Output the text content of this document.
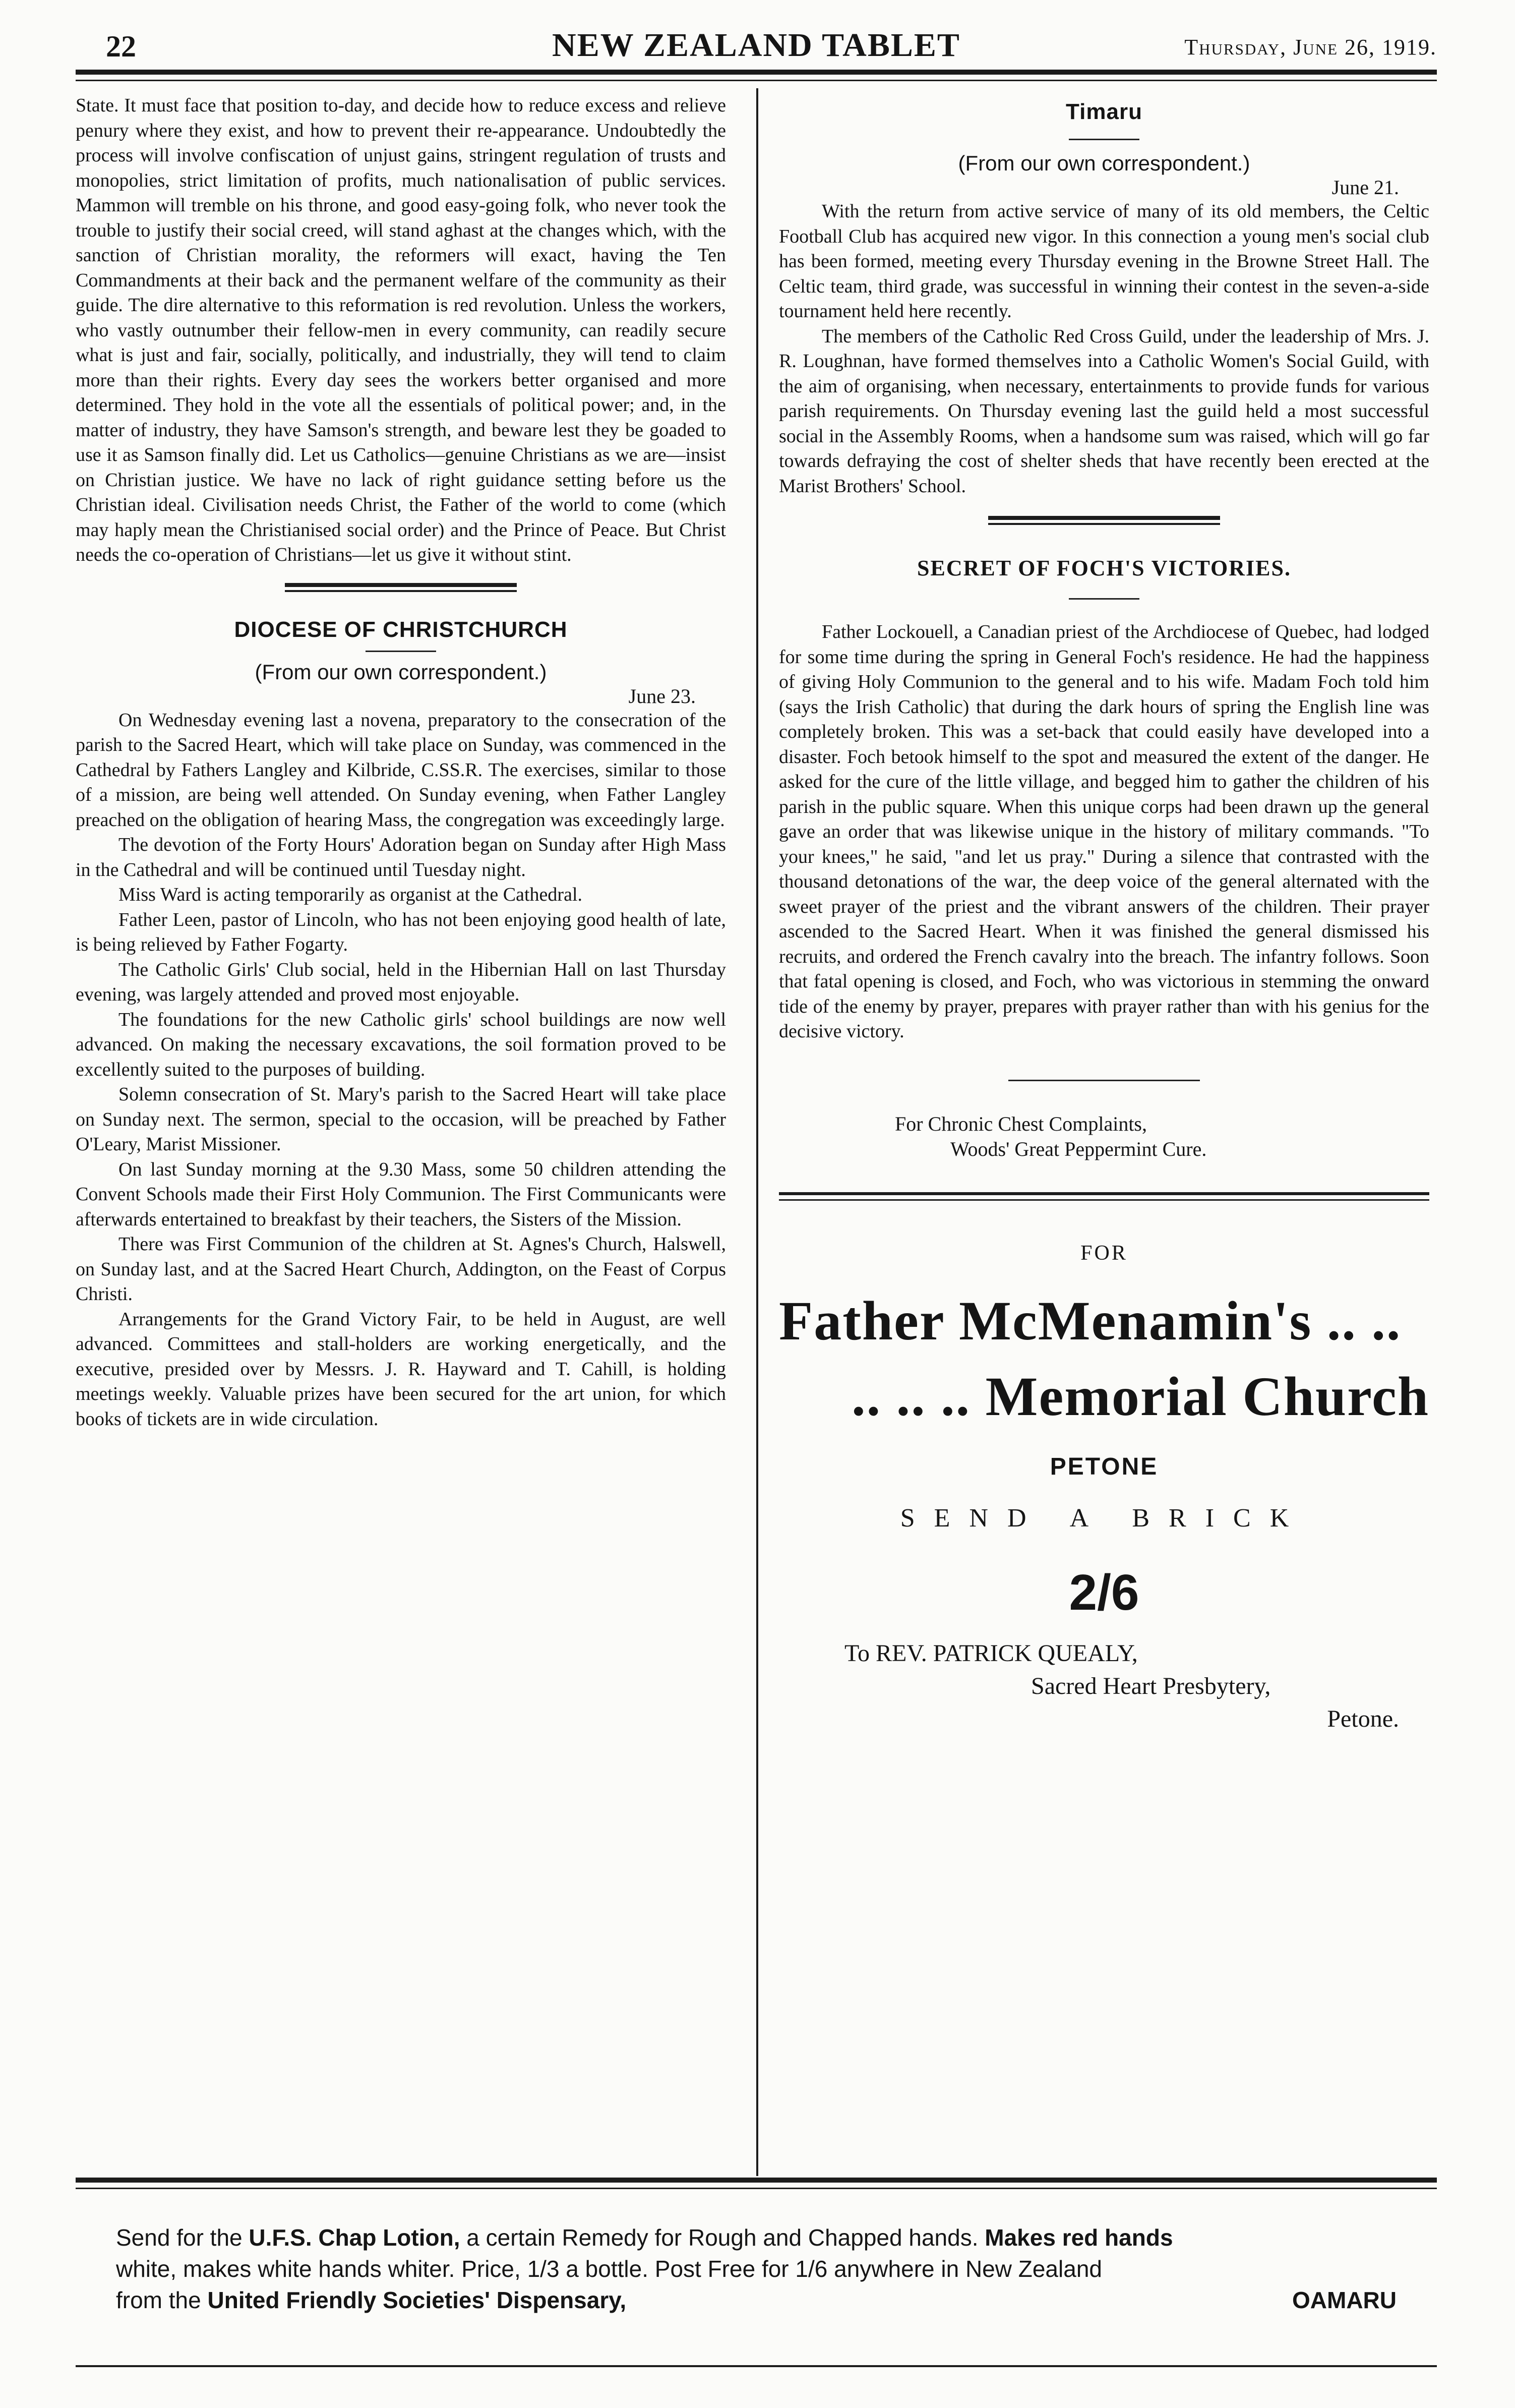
22	NEW ZEALAND TABLET	Thursday, June 26, 1919.

State. It must face that position to-day, and decide how to reduce excess and relieve penury where they exist, and how to prevent their re-appearance. Undoubtedly the process will involve confiscation of unjust gains, stringent regulation of trusts and monopolies, strict limitation of profits, much nationalisation of public services. Mammon will tremble on his throne, and good easy-going folk, who never took the trouble to justify their social creed, will stand aghast at the changes which, with the sanction of Christian morality, the reformers will exact, having the Ten Commandments at their back and the permanent welfare of the community as their guide. The dire alternative to this reformation is red revolution. Unless the workers, who vastly outnumber their fellow-men in every community, can readily secure what is just and fair, socially, politically, and industrially, they will tend to claim more than their rights. Every day sees the workers better organised and more determined. They hold in the vote all the essentials of political power; and, in the matter of industry, they have Samson's strength, and beware lest they be goaded to use it as Samson finally did. Let us Catholics—genuine Christians as we are—insist on Christian justice. We have no lack of right guidance setting before us the Christian ideal. Civilisation needs Christ, the Father of the world to come (which may haply mean the Christianised social order) and the Prince of Peace. But Christ needs the co-operation of Christians—let us give it without stint.

DIOCESE OF CHRISTCHURCH

(From our own correspondent.)

June 23.

On Wednesday evening last a novena, preparatory to the consecration of the parish to the Sacred Heart, which will take place on Sunday, was commenced in the Cathedral by Fathers Langley and Kilbride, C.SS.R. The exercises, similar to those of a mission, are being well attended. On Sunday evening, when Father Langley preached on the obligation of hearing Mass, the congregation was exceedingly large.

The devotion of the Forty Hours' Adoration began on Sunday after High Mass in the Cathedral and will be continued until Tuesday night.

Miss Ward is acting temporarily as organist at the Cathedral.

Father Leen, pastor of Lincoln, who has not been enjoying good health of late, is being relieved by Father Fogarty.

The Catholic Girls' Club social, held in the Hibernian Hall on last Thursday evening, was largely attended and proved most enjoyable.

The foundations for the new Catholic girls' school buildings are now well advanced. On making the necessary excavations, the soil formation proved to be excellently suited to the purposes of building.

Solemn consecration of St. Mary's parish to the Sacred Heart will take place on Sunday next. The sermon, special to the occasion, will be preached by Father O'Leary, Marist Missioner.

On last Sunday morning at the 9.30 Mass, some 50 children attending the Convent Schools made their First Holy Communion. The First Communicants were afterwards entertained to breakfast by their teachers, the Sisters of the Mission.

There was First Communion of the children at St. Agnes's Church, Halswell, on Sunday last, and at the Sacred Heart Church, Addington, on the Feast of Corpus Christi.

Arrangements for the Grand Victory Fair, to be held in August, are well advanced. Committees and stall-holders are working energetically, and the executive, presided over by Messrs. J. R. Hayward and T. Cahill, is holding meetings weekly. Valuable prizes have been secured for the art union, for which books of tickets are in wide circulation.

Timaru

(From our own correspondent.)

June 21.

With the return from active service of many of its old members, the Celtic Football Club has acquired new vigor. In this connection a young men's social club has been formed, meeting every Thursday evening in the Browne Street Hall. The Celtic team, third grade, was successful in winning their contest in the seven-a-side tournament held here recently.

The members of the Catholic Red Cross Guild, under the leadership of Mrs. J. R. Loughnan, have formed themselves into a Catholic Women's Social Guild, with the aim of organising, when necessary, entertainments to provide funds for various parish requirements. On Thursday evening last the guild held a most successful social in the Assembly Rooms, when a handsome sum was raised, which will go far towards defraying the cost of shelter sheds that have recently been erected at the Marist Brothers' School.

SECRET OF FOCH'S VICTORIES.

Father Lockouell, a Canadian priest of the Archdiocese of Quebec, had lodged for some time during the spring in General Foch's residence. He had the happiness of giving Holy Communion to the general and to his wife. Madam Foch told him (says the Irish Catholic) that during the dark hours of spring the English line was completely broken. This was a set-back that could easily have developed into a disaster. Foch betook himself to the spot and measured the extent of the danger. He asked for the cure of the little village, and begged him to gather the children of his parish in the public square. When this unique corps had been drawn up the general gave an order that was likewise unique in the history of military commands. "To your knees," he said, "and let us pray." During a silence that contrasted with the thousand detonations of the war, the deep voice of the general alternated with the sweet prayer of the priest and the vibrant answers of the children. Their prayer ascended to the Sacred Heart. When it was finished the general dismissed his recruits, and ordered the French cavalry into the breach. The infantry follows. Soon that fatal opening is closed, and Foch, who was victorious in stemming the onward tide of the enemy by prayer, prepares with prayer rather than with his genius for the decisive victory.

For Chronic Chest Complaints,

Woods' Great Peppermint Cure.

FOR
Father McMenamin's .. ..
.. .. .. Memorial Church
PETONE
SEND A BRICK
2/6
To REV. PATRICK QUEALY,
Sacred Heart Presbytery,
Petone.
Send for the U.F.S. Chap Lotion, a certain Remedy for Rough and Chapped hands. Makes red hands
white, makes white hands whiter. Price, 1/3 a bottle. Post Free for 1/6 anywhere in New Zealand
from the United Friendly Societies' Dispensary,	OAMARU
